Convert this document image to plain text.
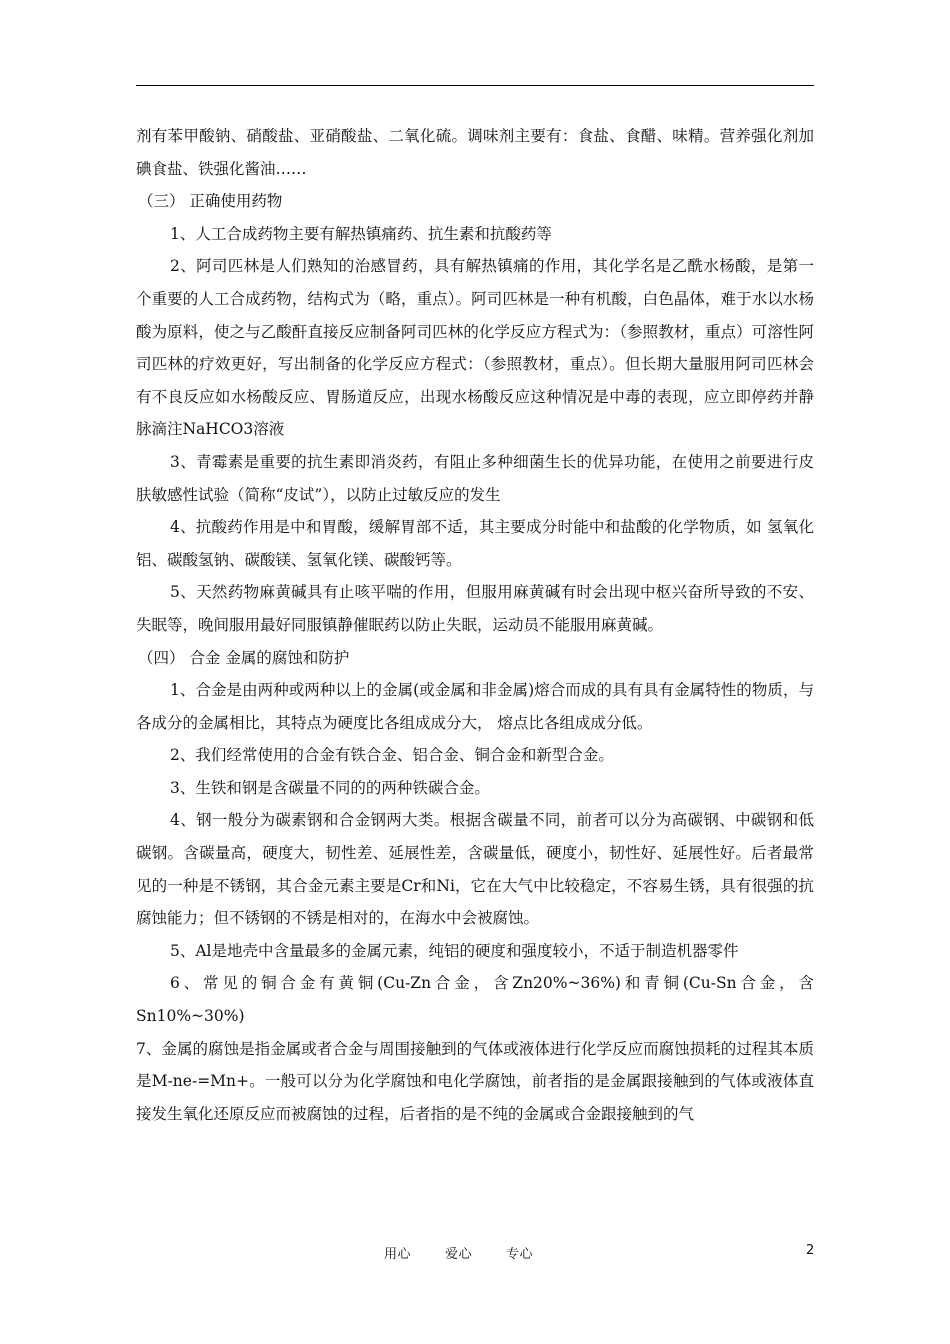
剂有苯甲酸钠、硝酸盐、亚硝酸盐、二氧化硫。调味剂主要有：食盐、食醋、味精。营养强化剂加碘食盐、铁强化酱油……

（三） 正确使用药物

1、人工合成药物主要有解热镇痛药、抗生素和抗酸药等

2、阿司匹林是人们熟知的治感冒药，具有解热镇痛的作用，其化学名是乙酰水杨酸，是第一个重要的人工合成药物，结构式为（略，重点）。阿司匹林是一种有机酸，白色晶体，难于水以水杨酸为原料，使之与乙酸酐直接反应制备阿司匹林的化学反应方程式为：（参照教材，重点）可溶性阿司匹林的疗效更好，写出制备的化学反应方程式：（参照教材，重点）。但长期大量服用阿司匹林会有不良反应如水杨酸反应、胃肠道反应，出现水杨酸反应这种情况是中毒的表现，应立即停药并静脉滴注NaHCO3溶液

3、青霉素是重要的抗生素即消炎药，有阻止多种细菌生长的优异功能，在使用之前要进行皮肤敏感性试验（简称“皮试”），以防止过敏反应的发生

4、抗酸药作用是中和胃酸，缓解胃部不适，其主要成分时能中和盐酸的化学物质，如 氢氧化铝、碳酸氢钠、碳酸镁、氢氧化镁、碳酸钙等。

5、天然药物麻黄碱具有止咳平喘的作用，但服用麻黄碱有时会出现中枢兴奋所导致的不安、失眠等，晚间服用最好同服镇静催眠药以防止失眠，运动员不能服用麻黄碱。

（四） 合金 金属的腐蚀和防护

1、合金是由两种或两种以上的金属(或金属和非金属)熔合而成的具有具有金属特性的物质，与各成分的金属相比，其特点为硬度比各组成成分大， 熔点比各组成成分低。

2、我们经常使用的合金有铁合金、铝合金、铜合金和新型合金。

3、生铁和钢是含碳量不同的的两种铁碳合金。

4、钢一般分为碳素钢和合金钢两大类。根据含碳量不同，前者可以分为高碳钢、中碳钢和低碳钢。含碳量高，硬度大，韧性差、延展性差，含碳量低，硬度小，韧性好、延展性好。后者最常见的一种是不锈钢，其合金元素主要是Cr和Ni，它在大气中比较稳定，不容易生锈，具有很强的抗腐蚀能力；但不锈钢的不锈是相对的，在海水中会被腐蚀。

5、Al是地壳中含量最多的金属元素，纯铝的硬度和强度较小，不适于制造机器零件

6、常见的铜合金有黄铜(Cu-Zn合金，含Zn20%~36%)和青铜(Cu-Sn合金，含Sn10%~30%)

7、金属的腐蚀是指金属或者合金与周围接触到的气体或液体进行化学反应而腐蚀损耗的过程其本质是M-ne-=Mn+。一般可以分为化学腐蚀和电化学腐蚀，前者指的是金属跟接触到的气体或液体直接发生氧化还原反应而被腐蚀的过程，后者指的是不纯的金属或合金跟接触到的气

用心	爱心	专心	2
